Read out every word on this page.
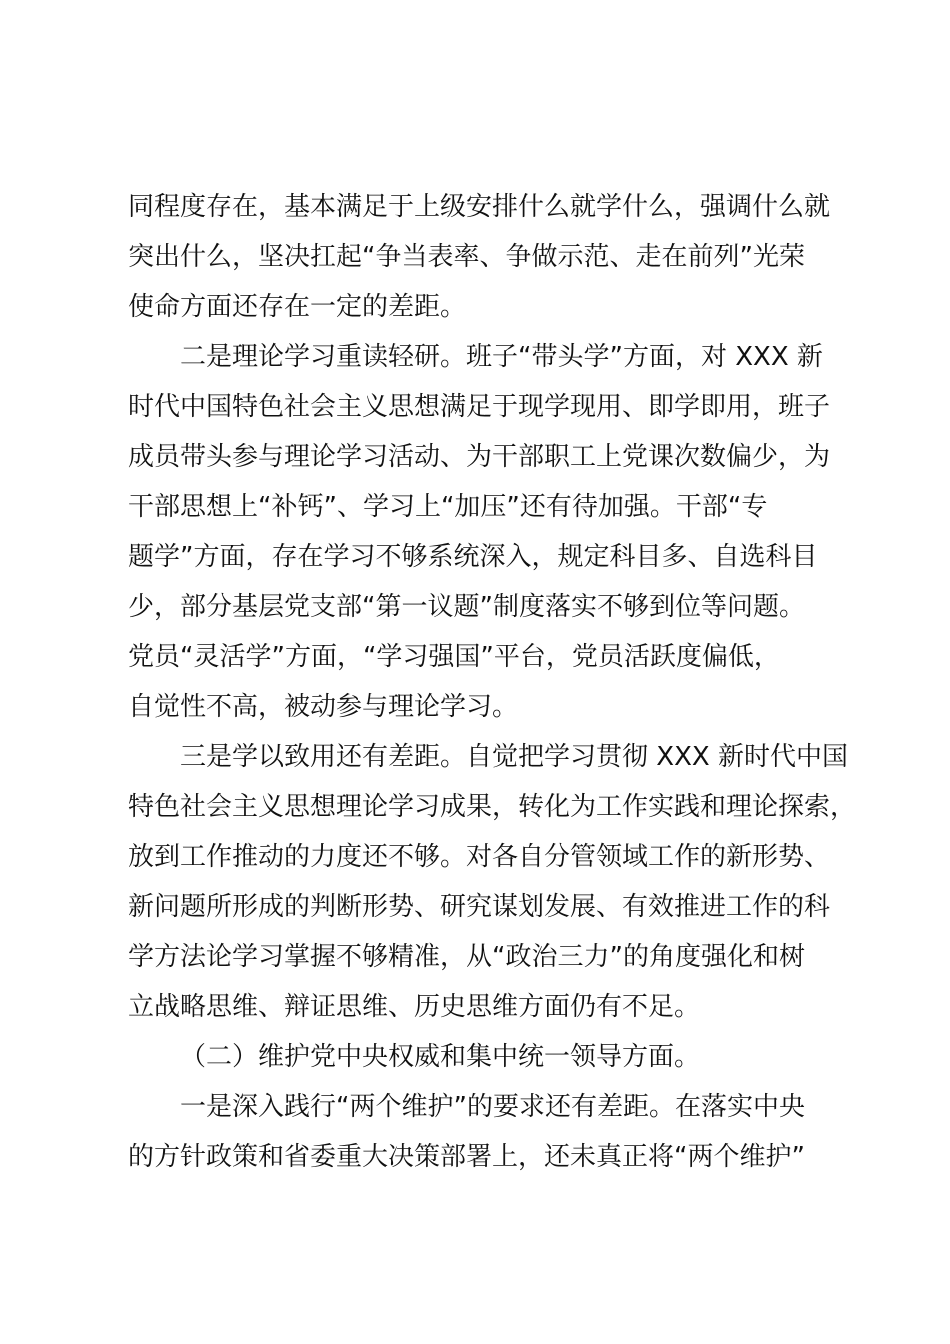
同程度存在，基本满足于上级安排什么就学什么，强调什么就
突出什么，坚决扛起“争当表率、争做示范、走在前列”光荣
使命方面还存在一定的差距。

二是理论学习重读轻研。班子“带头学”方面，对 XXX 新
时代中国特色社会主义思想满足于现学现用、即学即用，班子
成员带头参与理论学习活动、为干部职工上党课次数偏少，为
干部思想上“补钙”、学习上“加压”还有待加强。干部“专
题学”方面，存在学习不够系统深入，规定科目多、自选科目
少，部分基层党支部“第一议题”制度落实不够到位等问题。
党员“灵活学”方面，“学习强国”平台，党员活跃度偏低，
自觉性不高，被动参与理论学习。

三是学以致用还有差距。自觉把学习贯彻 XXX 新时代中国
特色社会主义思想理论学习成果，转化为工作实践和理论探索，
放到工作推动的力度还不够。对各自分管领域工作的新形势、
新问题所形成的判断形势、研究谋划发展、有效推进工作的科
学方法论学习掌握不够精准，从“政治三力”的角度强化和树
立战略思维、辩证思维、历史思维方面仍有不足。

（二）维护党中央权威和集中统一领导方面。

一是深入践行“两个维护”的要求还有差距。在落实中央
的方针政策和省委重大决策部署上，还未真正将“两个维护”
